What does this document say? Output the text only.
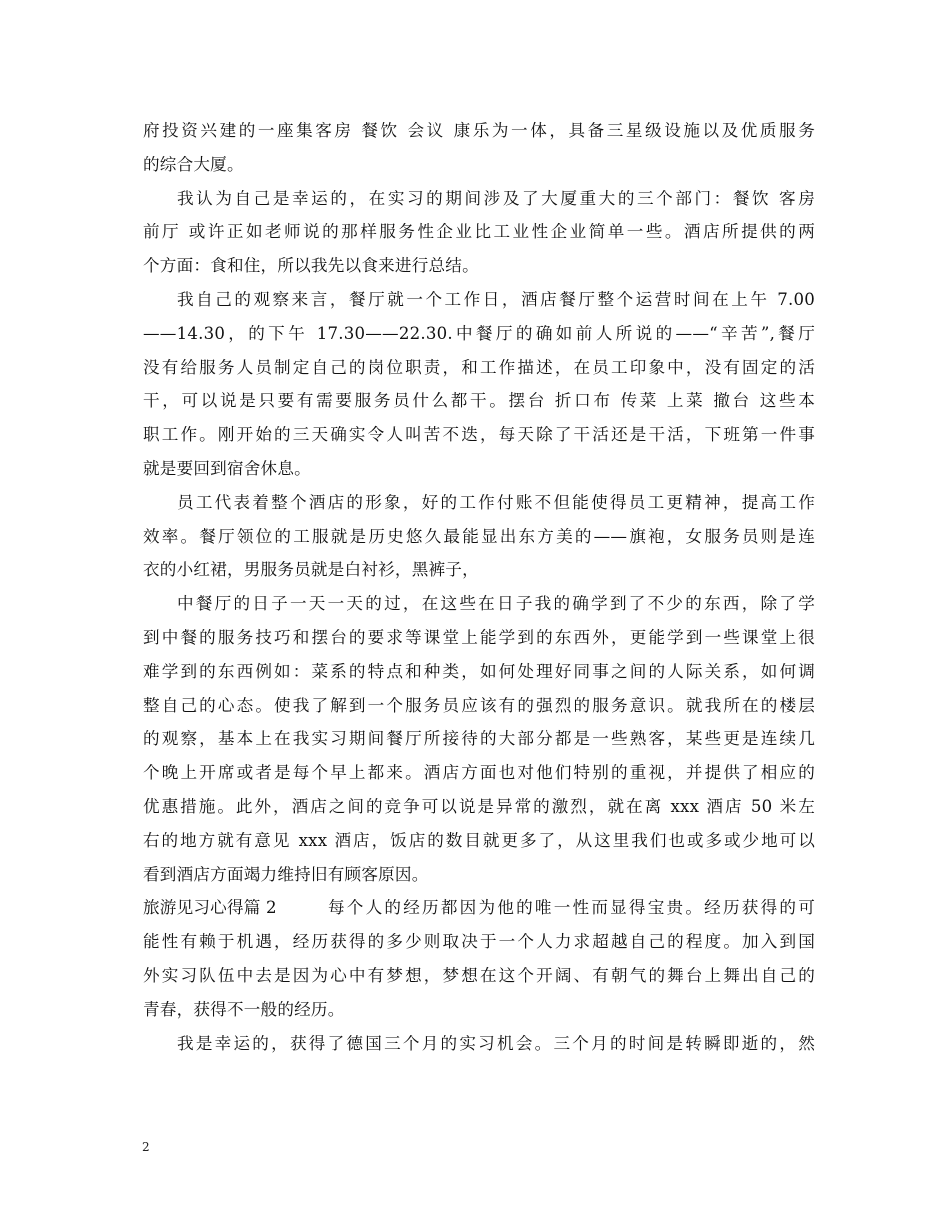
府投资兴建的一座集客房 餐饮 会议 康乐为一体，具备三星级设施以及优质服务
的综合大厦。
我认为自己是幸运的，在实习的期间涉及了大厦重大的三个部门：餐饮 客房
前厅 或许正如老师说的那样服务性企业比工业性企业简单一些。酒店所提供的两
个方面：食和住，所以我先以食来进行总结。
我自己的观察来言，餐厅就一个工作日，酒店餐厅整个运营时间在上午 7.00
——14.30，的下午 17.30——22.30.中餐厅的确如前人所说的——“辛苦”,餐厅
没有给服务人员制定自己的岗位职责，和工作描述，在员工印象中，没有固定的活
干，可以说是只要有需要服务员什么都干。摆台 折口布 传菜 上菜 撤台 这些本
职工作。刚开始的三天确实令人叫苦不迭，每天除了干活还是干活，下班第一件事
就是要回到宿舍休息。
员工代表着整个酒店的形象，好的工作付账不但能使得员工更精神，提高工作
效率。餐厅领位的工服就是历史悠久最能显出东方美的——旗袍，女服务员则是连
衣的小红裙，男服务员就是白衬衫，黑裤子，
中餐厅的日子一天一天的过，在这些在日子我的确学到了不少的东西，除了学
到中餐的服务技巧和摆台的要求等课堂上能学到的东西外，更能学到一些课堂上很
难学到的东西例如：菜系的特点和种类，如何处理好同事之间的人际关系，如何调
整自己的心态。使我了解到一个服务员应该有的强烈的服务意识。就我所在的楼层
的观察，基本上在我实习期间餐厅所接待的大部分都是一些熟客，某些更是连续几
个晚上开席或者是每个早上都来。酒店方面也对他们特别的重视，并提供了相应的
优惠措施。此外，酒店之间的竞争可以说是异常的激烈，就在离 xxx 酒店 50 米左
右的地方就有意见 xxx 酒店，饭店的数目就更多了，从这里我们也或多或少地可以
看到酒店方面竭力维持旧有顾客原因。
旅游见习心得篇 2	每个人的经历都因为他的唯一性而显得宝贵。经历获得的可
能性有赖于机遇，经历获得的多少则取决于一个人力求超越自己的程度。加入到国
外实习队伍中去是因为心中有梦想，梦想在这个开阔、有朝气的舞台上舞出自己的
青春，获得不一般的经历。
我是幸运的，获得了德国三个月的实习机会。三个月的时间是转瞬即逝的，然
2
